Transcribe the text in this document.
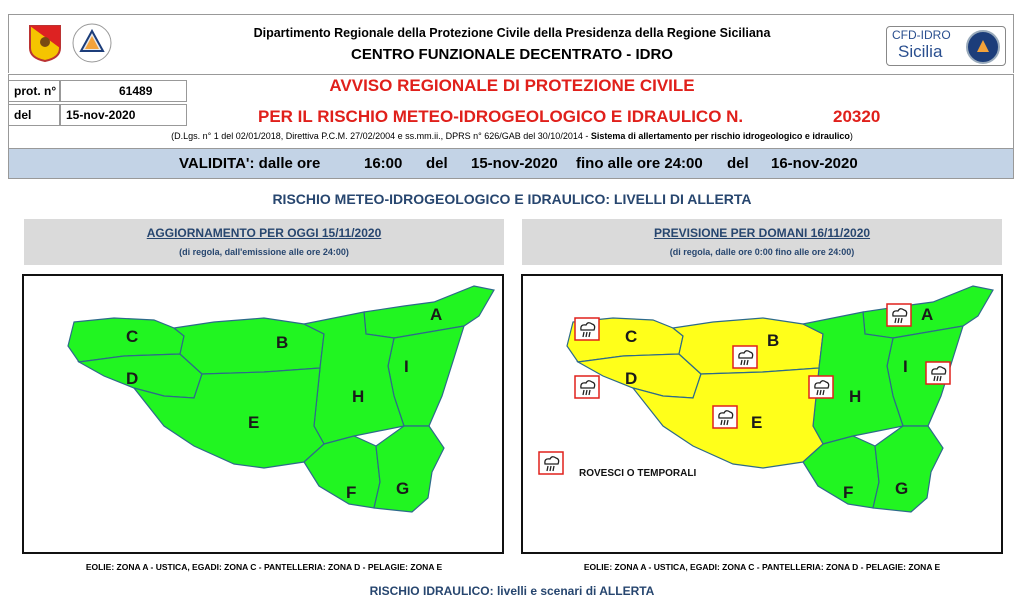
Dipartimento Regionale della Protezione Civile della Presidenza della Regione Siciliana
CENTRO FUNZIONALE DECENTRATO - IDRO
CFD-IDRO
Sicilia
prot. n°	61489
del	15-nov-2020
AVVISO REGIONALE DI PROTEZIONE CIVILE
PER IL RISCHIO METEO-IDROGEOLOGICO E IDRAULICO N.	20320
(D.Lgs. n° 1 del 02/01/2018, Direttiva P.C.M. 27/02/2004 e ss.mm.ii., DPRS n° 626/GAB del 30/10/2014 - Sistema di allertamento per rischio idrogeologico e idraulico)
VALIDITA': dalle ore	16:00 del 15-nov-2020 fino alle ore 24:00 del 16-nov-2020
RISCHIO METEO-IDROGEOLOGICO E IDRAULICO: LIVELLI DI ALLERTA
AGGIORNAMENTO PER OGGI 15/11/2020
(di regola, dall'emissione alle ore 24:00)
PREVISIONE PER DOMANI 16/11/2020
(di regola, dalle ore 0:00 fino alle ore 24:00)
C
D
B
A
I
H
E
F G
C
D
B
A
I
H
E
F G
ROVESCI O TEMPORALI
EOLIE: ZONA A - USTICA, EGADI: ZONA C - PANTELLERIA: ZONA D - PELAGIE: ZONA E	EOLIE: ZONA A - USTICA, EGADI: ZONA C - PANTELLERIA: ZONA D - PELAGIE: ZONA E
RISCHIO IDRAULICO: livelli e scenari di ALLERTA
